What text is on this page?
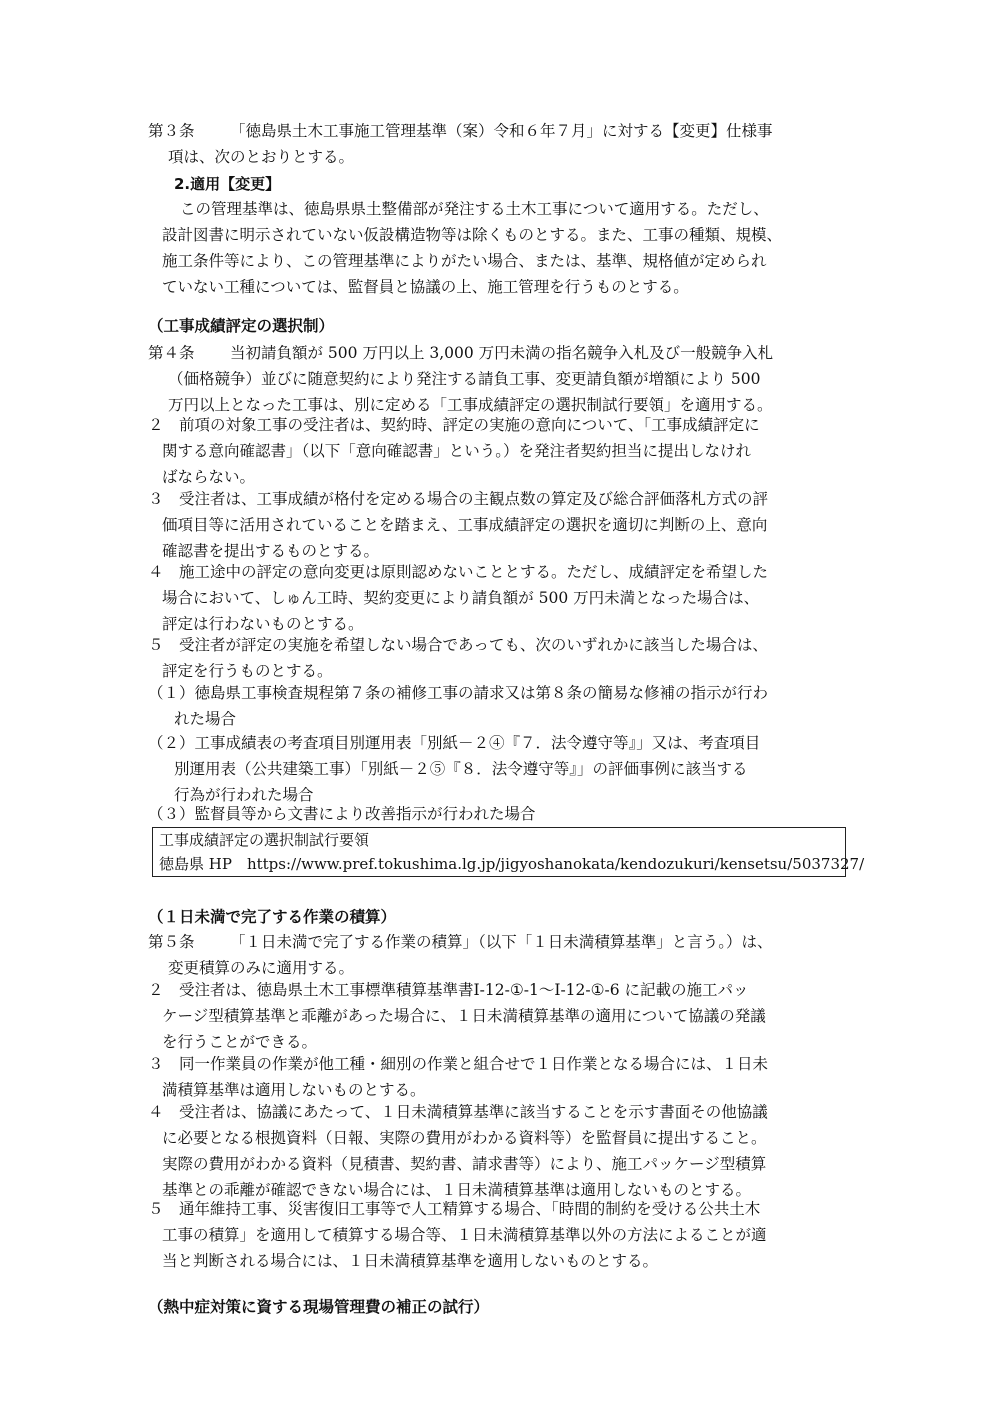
第３条 「徳島県土木工事施工管理基準（案）令和６年７月」に対する【変更】仕様事
項は、次のとおりとする。
2.適用【変更】
この管理基準は、徳島県県土整備部が発注する土木工事について適用する。ただし、
設計図書に明示されていない仮設構造物等は除くものとする。また、工事の種類、規模、
施工条件等により、この管理基準によりがたい場合、または、基準、規格値が定められ
ていない工種については、監督員と協議の上、施工管理を行うものとする。
（工事成績評定の選択制）
第４条 当初請負額が 500 万円以上 3,000 万円未満の指名競争入札及び一般競争入札
（価格競争）並びに随意契約により発注する請負工事、変更請負額が増額により 500
万円以上となった工事は、別に定める「工事成績評定の選択制試行要領」を適用する。
２　前項の対象工事の受注者は、契約時、評定の実施の意向について、「工事成績評定に
関する意向確認書」（以下「意向確認書」という。）を発注者契約担当に提出しなけれ
ばならない。
３　受注者は、工事成績が格付を定める場合の主観点数の算定及び総合評価落札方式の評
価項目等に活用されていることを踏まえ、工事成績評定の選択を適切に判断の上、意向
確認書を提出するものとする。
４　施工途中の評定の意向変更は原則認めないこととする。ただし、成績評定を希望した
場合において、しゅん工時、契約変更により請負額が 500 万円未満となった場合は、
評定は行わないものとする。
５　受注者が評定の実施を希望しない場合であっても、次のいずれかに該当した場合は、
評定を行うものとする。
（１）徳島県工事検査規程第７条の補修工事の請求又は第８条の簡易な修補の指示が行わ
れた場合
（２）工事成績表の考査項目別運用表「別紙－２④『７．法令遵守等』」又は、考査項目
別運用表（公共建築工事）「別紙－２⑤『８．法令遵守等』」の評価事例に該当する
行為が行われた場合
（３）監督員等から文書により改善指示が行われた場合
工事成績評定の選択制試行要領
徳島県 HP　https://www.pref.tokushima.lg.jp/jigyoshanokata/kendozukuri/kensetsu/5037327/
（１日未満で完了する作業の積算）
第５条 「１日未満で完了する作業の積算」（以下「１日未満積算基準」と言う。）は、
変更積算のみに適用する。
２　受注者は、徳島県土木工事標準積算基準書Ⅰ-12-①-1～Ⅰ-12-①-6 に記載の施工パッ
ケージ型積算基準と乖離があった場合に、１日未満積算基準の適用について協議の発議
を行うことができる。
３　同一作業員の作業が他工種・細別の作業と組合せで１日作業となる場合には、１日未
満積算基準は適用しないものとする。
４　受注者は、協議にあたって、１日未満積算基準に該当することを示す書面その他協議
に必要となる根拠資料（日報、実際の費用がわかる資料等）を監督員に提出すること。
実際の費用がわかる資料（見積書、契約書、請求書等）により、施工パッケージ型積算
基準との乖離が確認できない場合には、１日未満積算基準は適用しないものとする。
５　通年維持工事、災害復旧工事等で人工精算する場合、「時間的制約を受ける公共土木
工事の積算」を適用して積算する場合等、１日未満積算基準以外の方法によることが適
当と判断される場合には、１日未満積算基準を適用しないものとする。
（熱中症対策に資する現場管理費の補正の試行）
